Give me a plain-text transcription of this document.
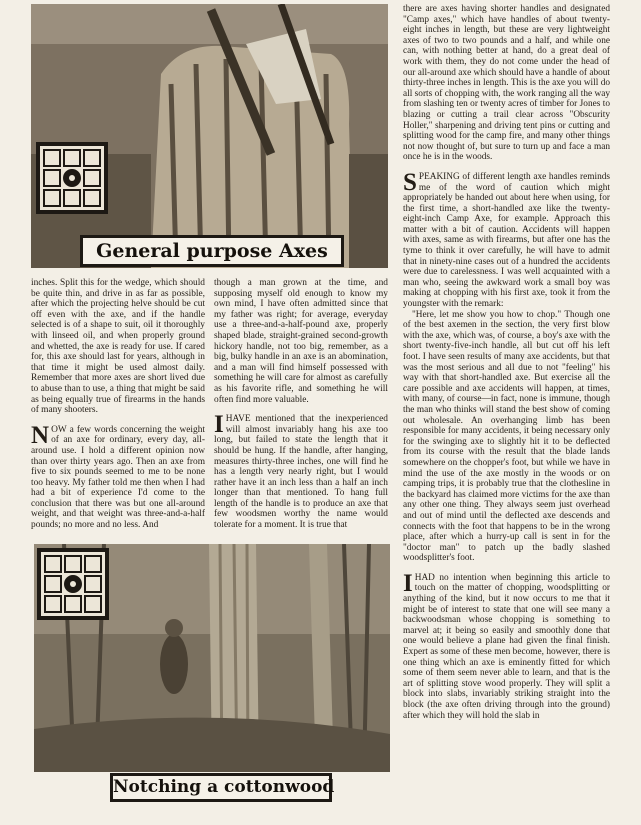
General purpose Axes

inches. Split this for the wedge, which should be quite thin, and drive in as far as possible, after which the projecting helve should be cut off even with the axe, and if the handle selected is of a shape to suit, oil it thoroughly with linseed oil, and when properly ground and whetted, the axe is ready for use. If cared for, this axe should last for years, although in that time it might be used almost daily. Remember that more axes are short lived due to abuse than to use, a thing that might be said as being equally true of firearms in the hands of many shooters.

NOW a few words concerning the weight of an axe for ordinary, every day, all-around use. I hold a different opinion now than over thirty years ago. Then an axe from five to six pounds seemed to me to be none too heavy. My father told me then when I had had a bit of experience I'd come to the conclusion that there was but one all-around weight, and that weight was three-and-a-half pounds; no more and no less. And

though a man grown at the time, and supposing myself old enough to know my own mind, I have often admitted since that my father was right; for average, everyday use a three-and-a-half-pound axe, properly shaped blade, straight-grained second-growth hickory handle, not too big, remember, as a big, bulky handle in an axe is an abomination, and a man will find himself possessed with something he will care for almost as carefully as his favorite rifle, and something he will often find more valuable.

IHAVE mentioned that the inexperienced will almost invariably hang his axe too long, but failed to state the length that it should be hung. If the handle, after hanging, measures thirty-three inches, one will find he has a length very nearly right, but I would rather have it an inch less than a half an inch longer than that mentioned. To hang full length of the handle is to produce an axe that few woodsmen worthy the name would tolerate for a moment. It is true that

Notching a cottonwood

there are axes having shorter handles and designated "Camp axes," which have handles of about twenty-eight inches in length, but these are very lightweight axes of two to two pounds and a half, and while one can, with nothing better at hand, do a great deal of work with them, they do not come under the head of our all-around axe which should have a handle of about thirty-three inches in length. This is the axe you will do all sorts of chopping with, the work ranging all the way from slashing ten or twenty acres of timber for Jones to blazing or cutting a trail clear across "Obscurity Holler," sharpening and driving tent pins or cutting and splitting wood for the camp fire, and many other things not now thought of, but sure to turn up and face a man once he is in the woods.

SPEAKING of different length axe handles reminds me of the word of caution which might appropriately be handed out about here when using, for the first time, a short-handled axe like the twenty-eight-inch Camp Axe, for example. Approach this matter with a bit of caution. Accidents will happen with axes, same as with firearms, but after one has the tyme to think it over carefully, he will have to admit that in ninety-nine cases out of a hundred the accidents were due to carelessness. I was well acquainted with a man who, seeing the awkward work a small boy was making at chopping with his first axe, took it from the youngster with the remark:

"Here, let me show you how to chop." Though one of the best axemen in the section, the very first blow with the axe, which was, of course, a boy's axe with the short twenty-five-inch handle, all but cut off his left foot. I have seen results of many axe accidents, but that was the most serious and all due to not "feeling" his way with that short-handled axe. But exercise all the care possible and axe accidents will happen, at times, with many, of course—in fact, none is immune, though the man who thinks will stand the best show of coming out wholesale. An overhanging limb has been responsible for many accidents, it being necessary only for the swinging axe to slightly hit it to be deflected from its course with the result that the blade lands somewhere on the chopper's foot, but while we have in mind the use of the axe mostly in the woods or on camping trips, it is probably true that the clothesline in the backyard has claimed more victims for the axe than any other one thing. They always seem just overhead and out of mind until the deflected axe descends and connects with the foot that happens to be in the wrong place, after which a hurry-up call is sent in for the "doctor man" to patch up the badly slashed woodsplitter's foot.

IHAD no intention when beginning this article to touch on the matter of chopping, woodsplitting or anything of the kind, but it now occurs to me that it might be of interest to state that one will see many a backwoodsman whose chopping is something to marvel at; it being so easily and smoothly done that one would believe a plane had given the final finish. Expert as some of these men become, however, there is one thing which an axe is eminently fitted for which some of them seem never able to learn, and that is the art of splitting stove wood properly. They will split a block into slabs, invariably striking straight into the block (the axe often driving through into the ground) after which they will hold the slab in
